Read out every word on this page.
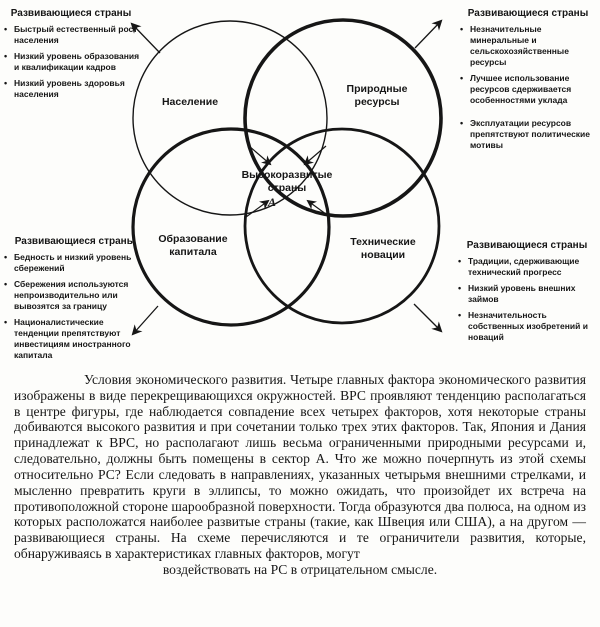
Развивающиеся страны
• Быстрый естественный рост населения
• Низкий уровень образования и квалификации кадров
• Низкий уровень здоровья населения
Развивающиеся страны
• Незначительные минеральные и сельскохозяйственные ресурсы
• Лучшее использование ресурсов сдерживается особенностями уклада
• Эксплуатации ресурсов препятствуют политические мотивы
Развивающиеся страны
• Бедность и низкий уровень сбережений
• Сбережения используются непроизводительно или вывозятся за границу
• Националистические тенденции препятствуют инвестициям иностранного капитала
Развивающиеся страны
• Традиции, сдерживающие технический прогресс
• Низкий уровень внешних займов
• Незначительность собственных изобретений и новаций
Население
Природные ресурсы
Образование капитала
Технические новации
Высокоразвитые страны
А

Условия экономического развития. Четыре главных фактора экономического развития изображены в виде перекрещивающихся окружностей. ВРС проявляют тенденцию располагаться в центре фигуры, где наблюдается совпадение всех четырех факторов, хотя некоторые страны добиваются высокого развития и при сочетании только трех этих факторов. Так, Япония и Дания принадлежат к ВРС, но располагают лишь весьма ограниченными природными ресурсами и, следовательно, должны быть помещены в сектор А. Что же можно почерпнуть из этой схемы относительно РС? Если следовать в направлениях, указанных четырьмя внешними стрелками, и мысленно превратить круги в эллипсы, то можно ожидать, что произойдет их встреча на противоположной стороне шарообразной поверхности. Тогда образуются два полюса, на одном из которых расположатся наиболее развитые страны (такие, как Швеция или США), а на другом — развивающиеся страны. На схеме перечисляются и те ограничители развития, которые, обнаруживаясь в характеристиках главных факторов, могут

воздействовать на РС в отрицательном смысле.
